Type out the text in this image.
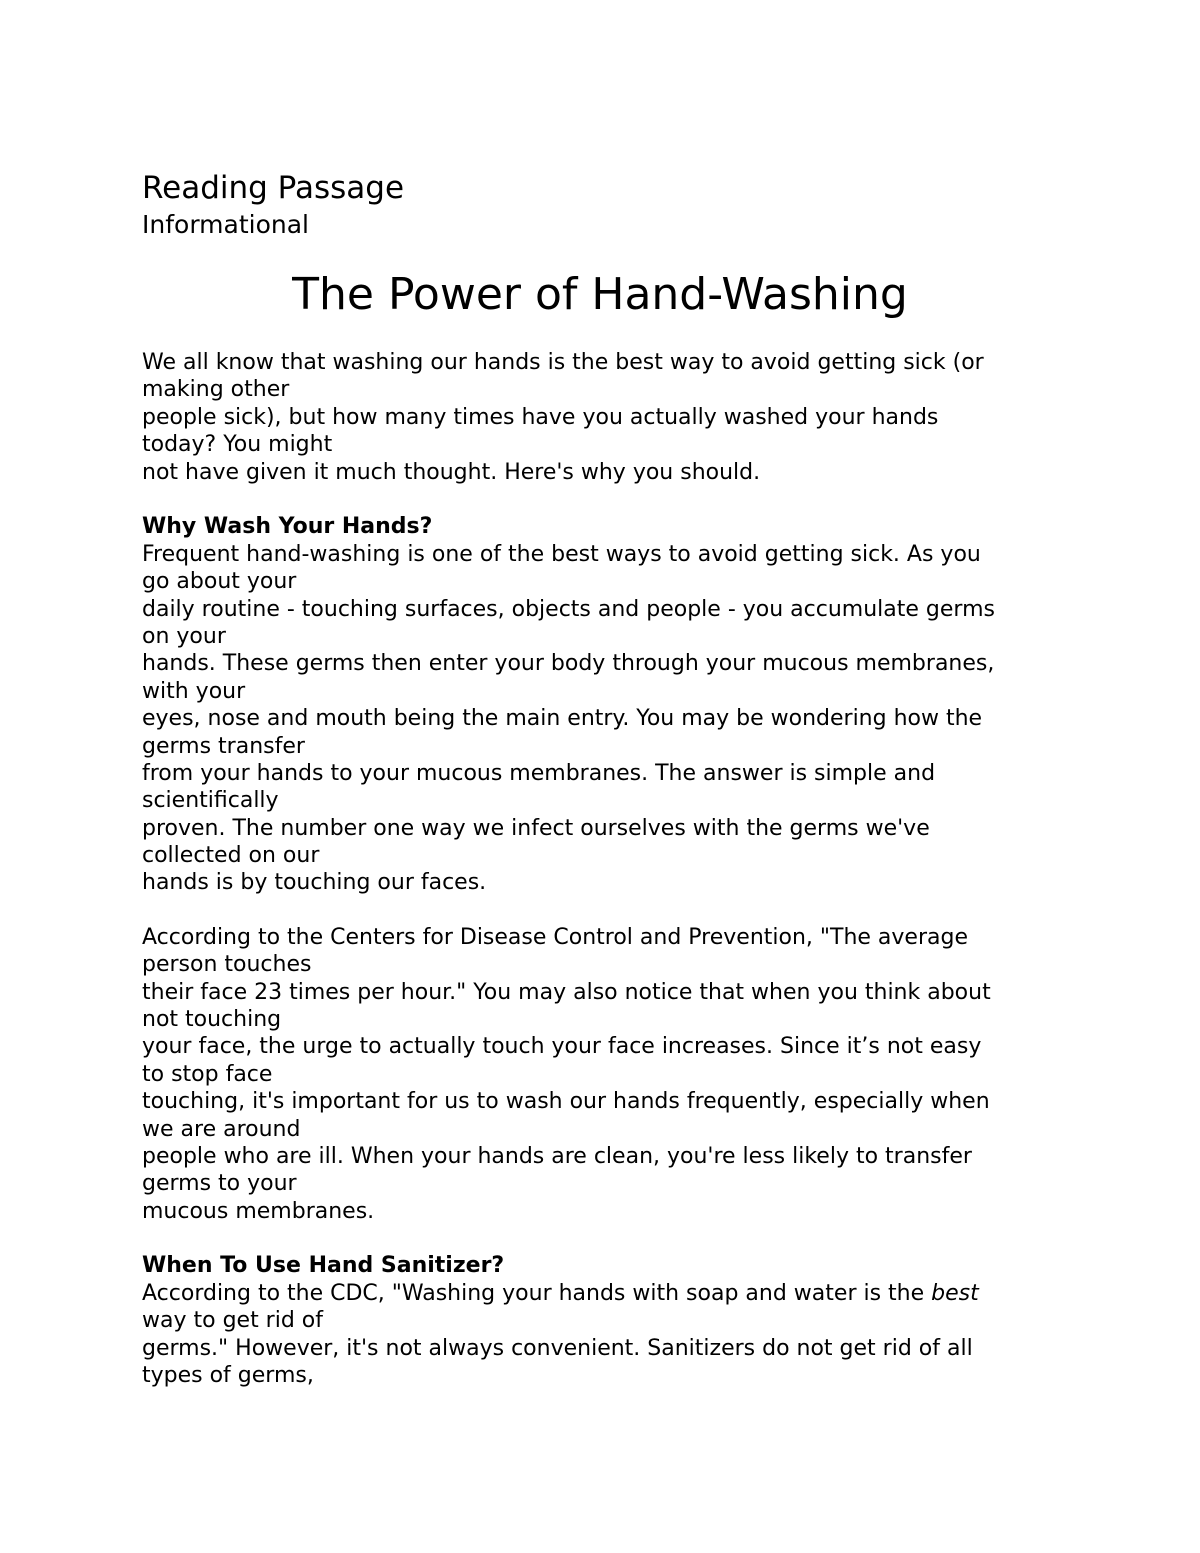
Reading Passage
Informational
The Power of Hand-Washing
We all know that washing our hands is the best way to avoid getting sick (or
making other
people sick), but how many times have you actually washed your hands
today? You might
not have given it much thought. Here's why you should.
Why Wash Your Hands?
Frequent hand-washing is one of the best ways to avoid getting sick. As you
go about your
daily routine - touching surfaces, objects and people - you accumulate germs
on your
hands. These germs then enter your body through your mucous membranes,
with your
eyes, nose and mouth being the main entry. You may be wondering how the
germs transfer
from your hands to your mucous membranes. The answer is simple and
scientifically
proven. The number one way we infect ourselves with the germs we've
collected on our
hands is by touching our faces.
According to the Centers for Disease Control and Prevention, "The average
person touches
their face 23 times per hour." You may also notice that when you think about
not touching
your face, the urge to actually touch your face increases. Since it’s not easy
to stop face
touching, it's important for us to wash our hands frequently, especially when
we are around
people who are ill. When your hands are clean, you're less likely to transfer
germs to your
mucous membranes.
When To Use Hand Sanitizer?
According to the CDC, "Washing your hands with soap and water is the best
way to get rid of
germs." However, it's not always convenient. Sanitizers do not get rid of all
types of germs,
